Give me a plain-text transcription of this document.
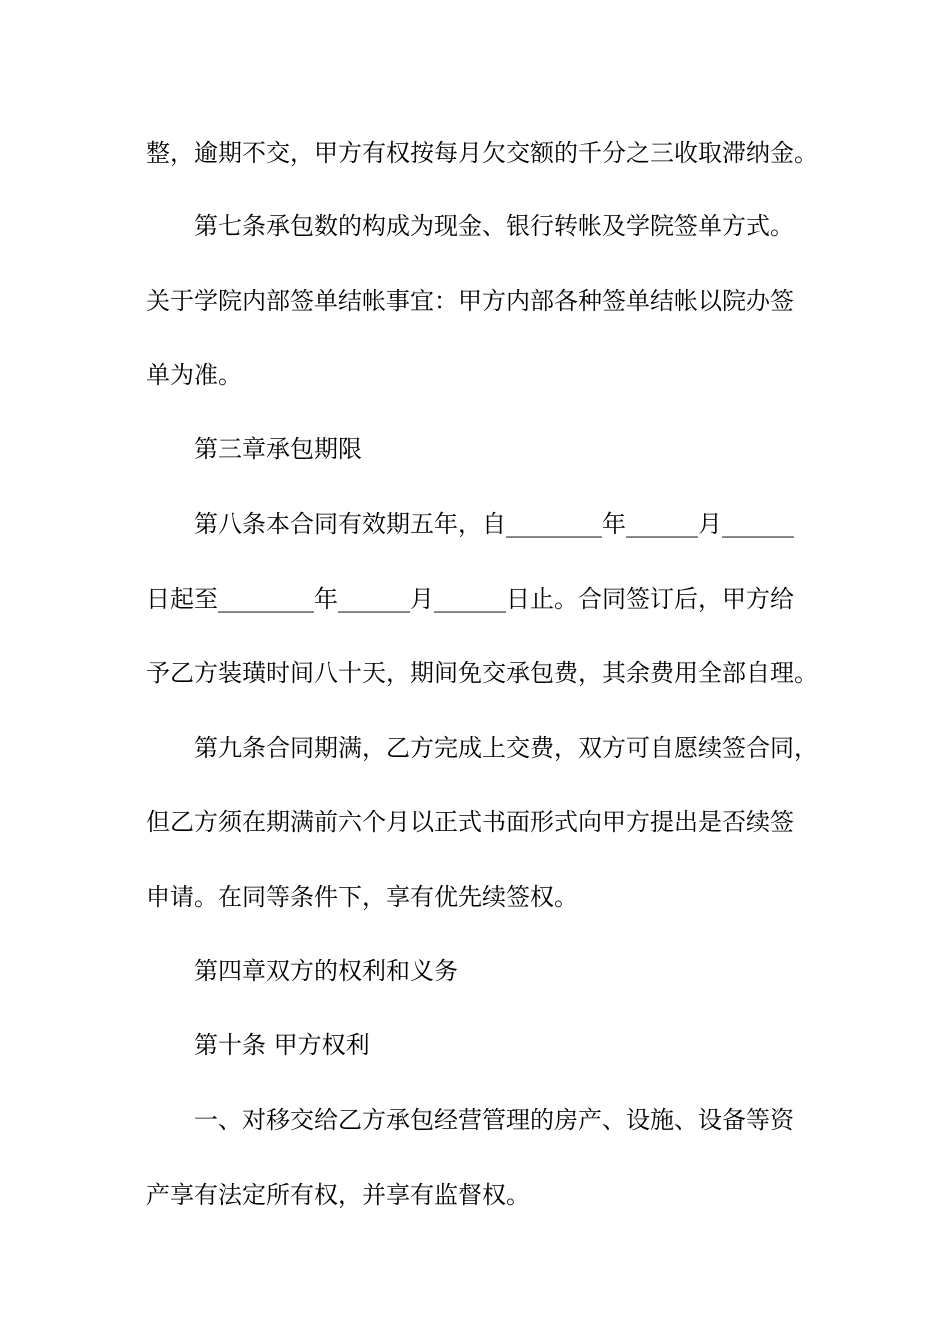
整，逾期不交，甲方有权按每月欠交额的千分之三收取滞纳金。
第七条承包数的构成为现金、银行转帐及学院签单方式。
关于学院内部签单结帐事宜：甲方内部各种签单结帐以院办签
单为准。
第三章承包期限
第八条本合同有效期五年，自________年______月______
日起至________年______月______日止。合同签订后，甲方给
予乙方装璜时间八十天，期间免交承包费，其余费用全部自理。
第九条合同期满，乙方完成上交费，双方可自愿续签合同，
但乙方须在期满前六个月以正式书面形式向甲方提出是否续签
申请。在同等条件下，享有优先续签权。
第四章双方的权利和义务
第十条 甲方权利
一、对移交给乙方承包经营管理的房产、设施、设备等资
产享有法定所有权，并享有监督权。
